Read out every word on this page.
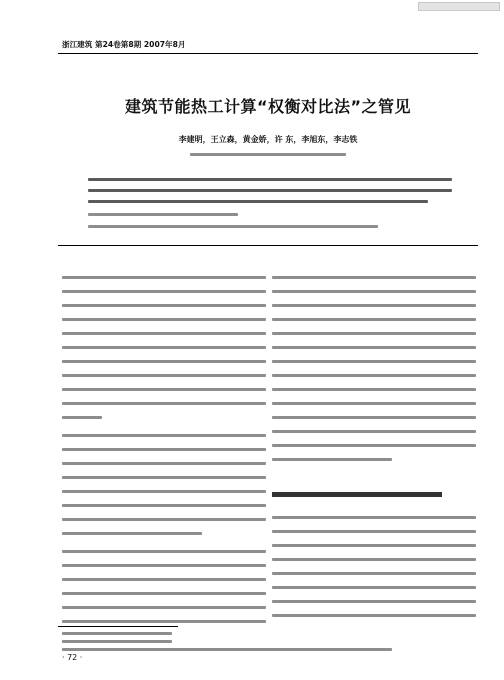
浙江建筑 第24卷第8期 2007年8月
建筑节能热工计算“权衡对比法”之管见
李建明，王立森，黄金娇，许 东，李旭东，李志铁
· 72 ·
